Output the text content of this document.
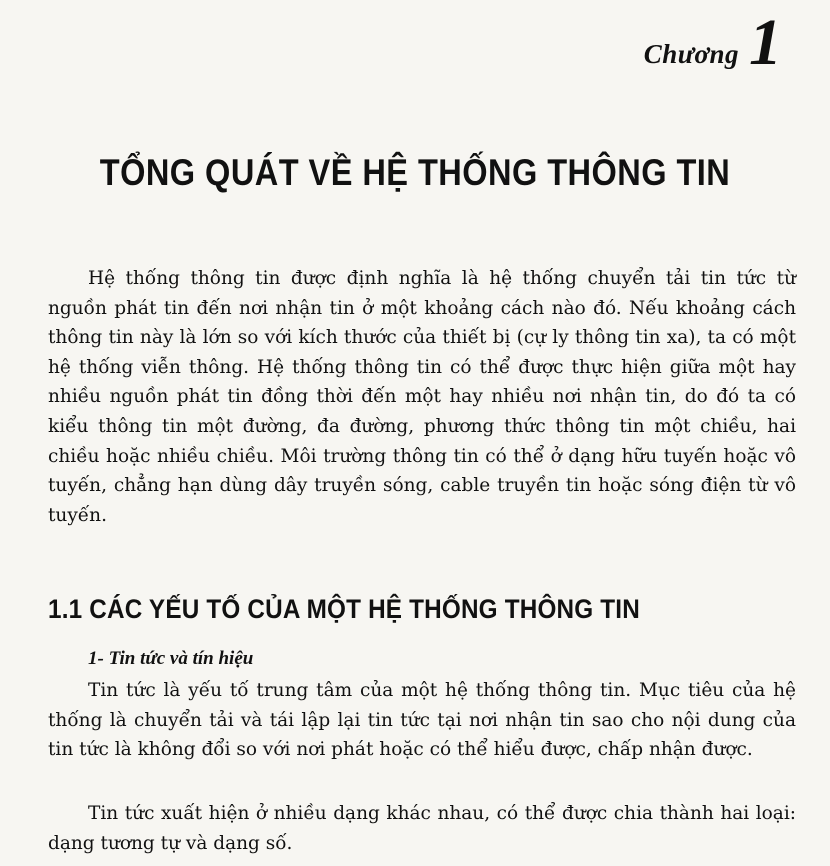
Chương 1
TỔNG QUÁT VỀ HỆ THỐNG THÔNG TIN

Hệ thống thông tin được định nghĩa là hệ thống chuyển tải tin tức từ nguồn phát tin đến nơi nhận tin ở một khoảng cách nào đó. Nếu khoảng cách thông tin này là lớn so với kích thước của thiết bị (cự ly thông tin xa), ta có một hệ thống viễn thông. Hệ thống thông tin có thể được thực hiện giữa một hay nhiều nguồn phát tin đồng thời đến một hay nhiều nơi nhận tin, do đó ta có kiểu thông tin một đường, đa đường, phương thức thông tin một chiều, hai chiều hoặc nhiều chiều. Môi trường thông tin có thể ở dạng hữu tuyến hoặc vô tuyến, chẳng hạn dùng dây truyền sóng, cable truyền tin hoặc sóng điện từ vô tuyến.

1.1 CÁC YẾU TỐ CỦA MỘT HỆ THỐNG THÔNG TIN
1- Tin tức và tín hiệu

Tin tức là yếu tố trung tâm của một hệ thống thông tin. Mục tiêu của hệ thống là chuyển tải và tái lập lại tin tức tại nơi nhận tin sao cho nội dung của tin tức là không đổi so với nơi phát hoặc có thể hiểu được, chấp nhận được.

Tin tức xuất hiện ở nhiều dạng khác nhau, có thể được chia thành hai loại: dạng tương tự và dạng số.
